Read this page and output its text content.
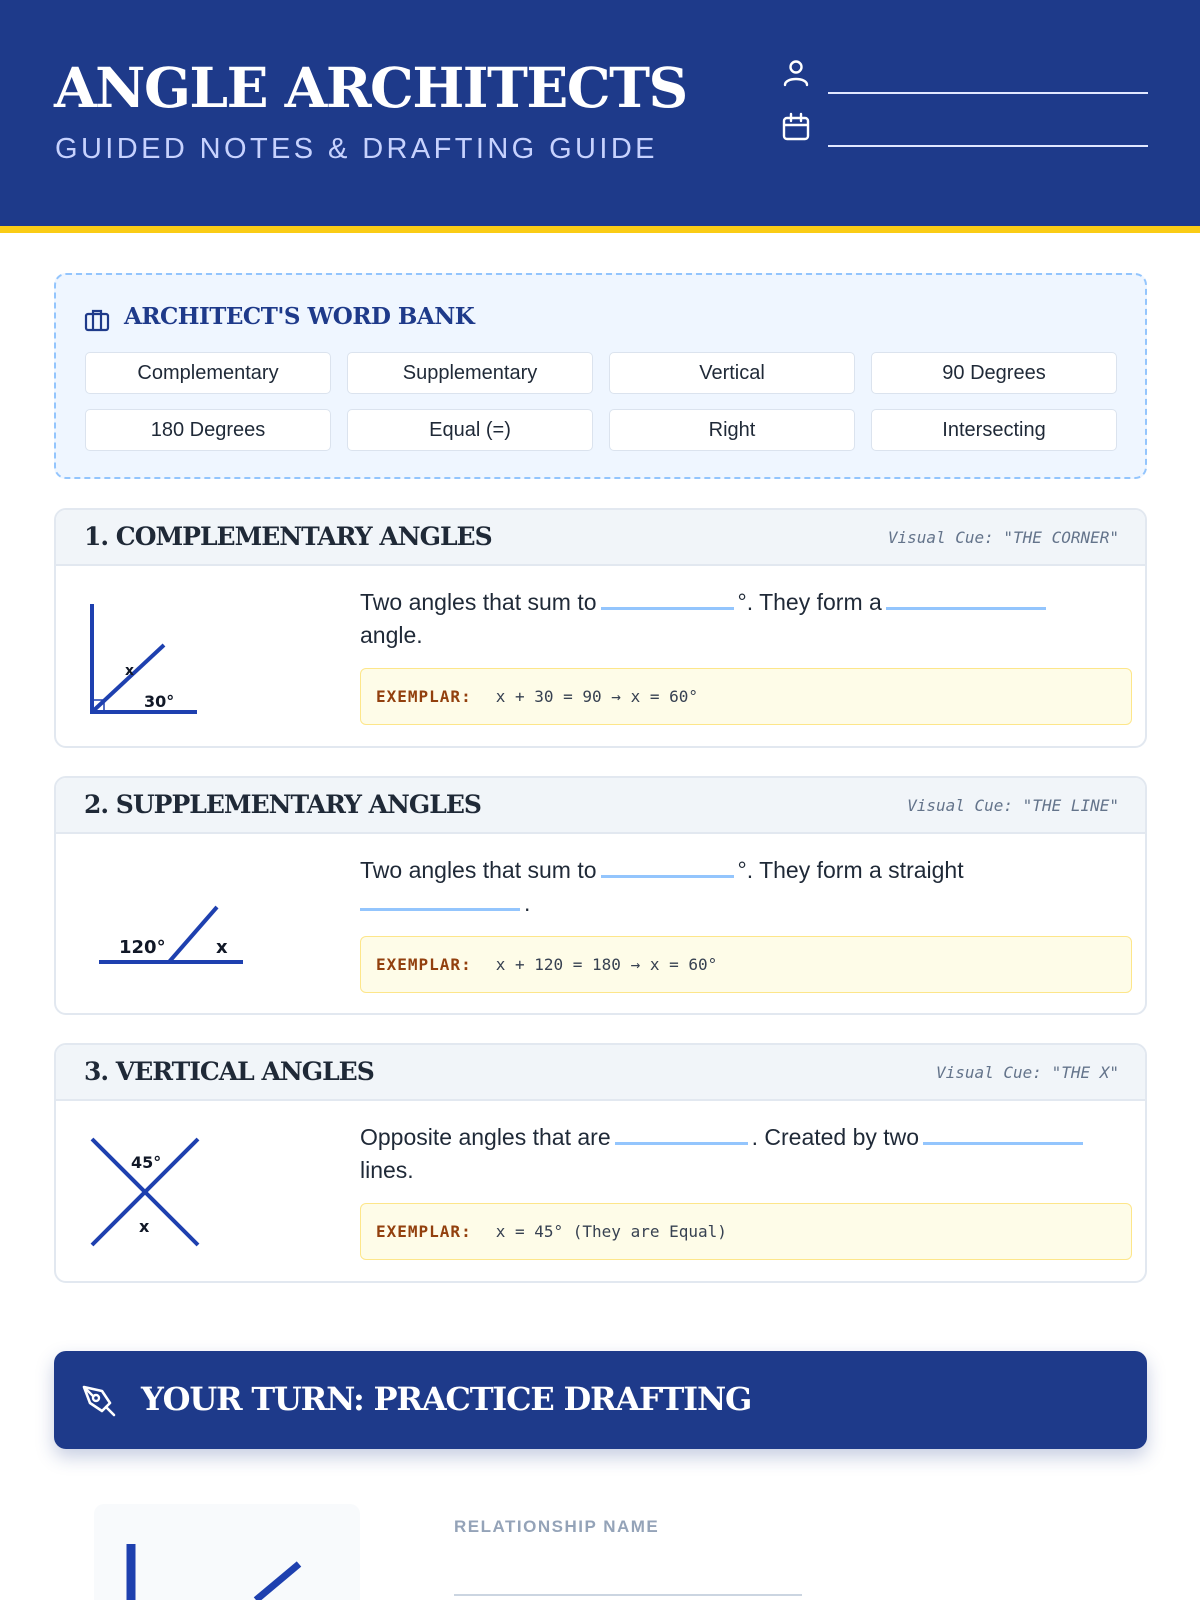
ANGLE ARCHITECTS
GUIDED NOTES & DRAFTING GUIDE
ARCHITECT'S WORD BANK
Complementary	Supplementary	Vertical	90 Degrees
180 Degrees	Equal (=)	Right	Intersecting
1. COMPLEMENTARY ANGLES	Visual Cue: "THE CORNER"
x
30°
Two angles that sum to	°. They form a
angle.
EXEMPLAR: x + 30 = 90 → x = 60°
2. SUPPLEMENTARY ANGLES	Visual Cue: "THE LINE"
120°	x
Two angles that sum to	°. They form a straight
.
EXEMPLAR: x + 120 = 180 → x = 60°
3. VERTICAL ANGLES	Visual Cue: "THE X"
45°
x
Opposite angles that are	. Created by two
lines.
EXEMPLAR: x = 45° (They are Equal)
YOUR TURN: PRACTICE DRAFTING
RELATIONSHIP NAME
